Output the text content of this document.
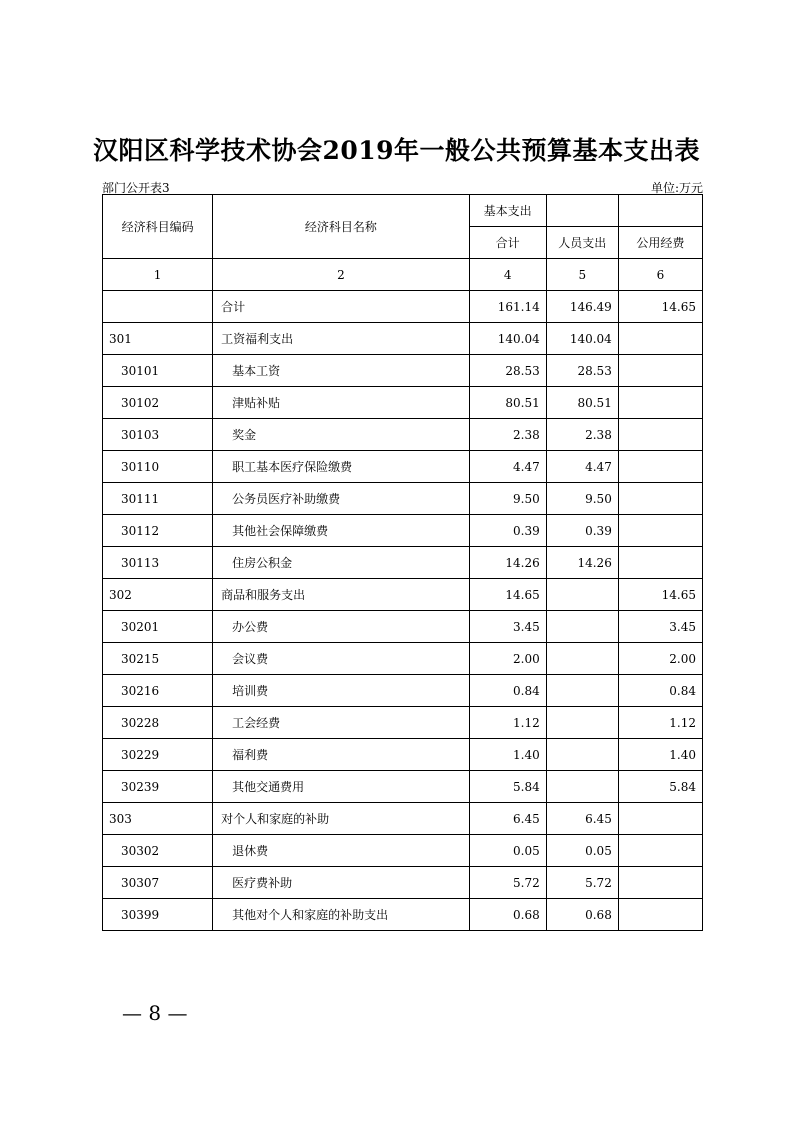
汉阳区科学技术协会2019年一般公共预算基本支出表
部门公开表3	单位:万元
经济科目编码	经济科目名称	基本支出		
		合计	人员支出	公用经费
1	2	4	5	6
	合计	161.14	146.49	14.65
301	工资福利支出	140.04	140.04	
30101	基本工资	28.53	28.53	
30102	津贴补贴	80.51	80.51	
30103	奖金	2.38	2.38	
30110	职工基本医疗保险缴费	4.47	4.47	
30111	公务员医疗补助缴费	9.50	9.50	
30112	其他社会保障缴费	0.39	0.39	
30113	住房公积金	14.26	14.26	
302	商品和服务支出	14.65		14.65
30201	办公费	3.45		3.45
30215	会议费	2.00		2.00
30216	培训费	0.84		0.84
30228	工会经费	1.12		1.12
30229	福利费	1.40		1.40
30239	其他交通费用	5.84		5.84
303	对个人和家庭的补助	6.45	6.45	
30302	退休费	0.05	0.05	
30307	医疗费补助	5.72	5.72	
30399	其他对个人和家庭的补助支出	0.68	0.68	
— 8 —
